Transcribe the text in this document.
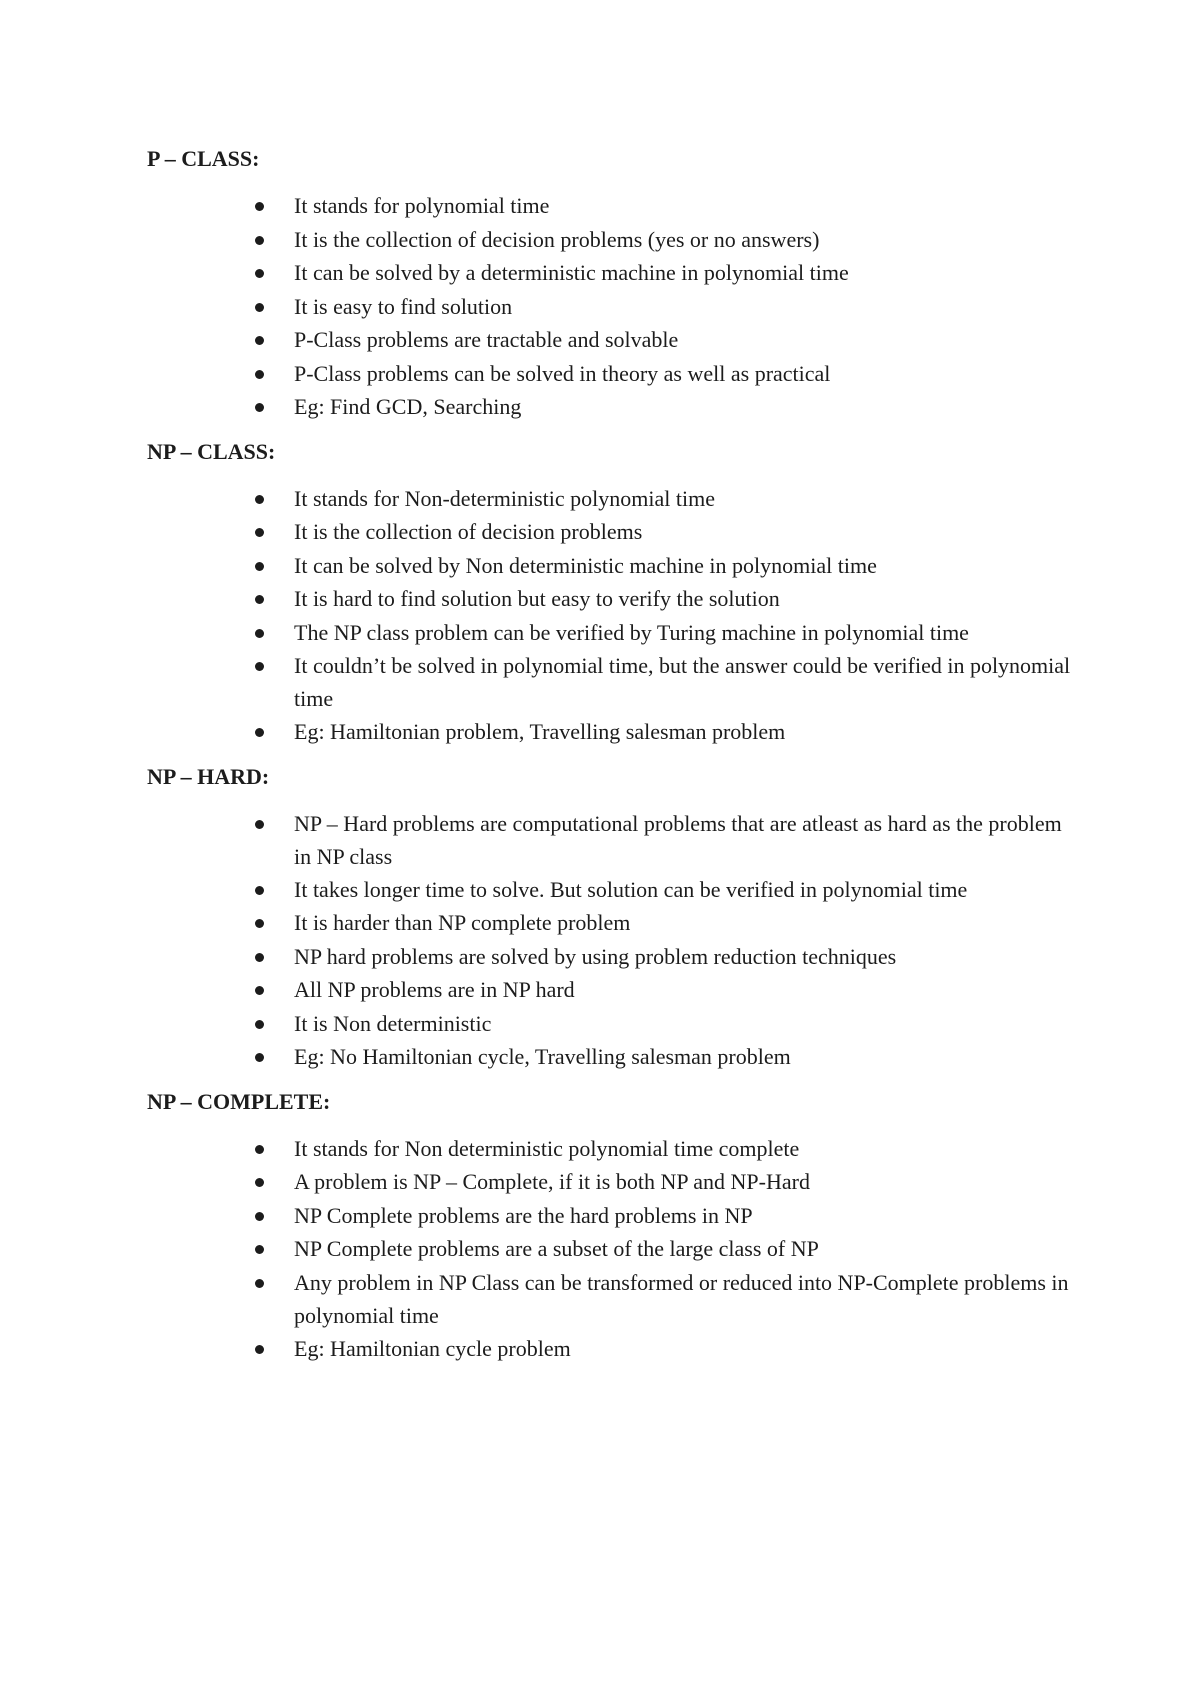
P – CLASS:
It stands for polynomial time
It is the collection of decision problems (yes or no answers)
It can be solved by a deterministic machine in polynomial time
It is easy to find solution
P-Class problems are tractable and solvable
P-Class problems can be solved in theory as well as practical
Eg: Find GCD, Searching
NP – CLASS:
It stands for Non-deterministic polynomial time
It is the collection of decision problems
It can be solved by Non deterministic machine in polynomial time
It is hard to find solution but easy to verify the solution
The NP class problem can be verified by Turing machine in polynomial time
It couldn’t be solved in polynomial time, but the answer could be verified in polynomial time
Eg: Hamiltonian problem, Travelling salesman problem
NP – HARD:
NP – Hard problems are computational problems that are atleast as hard as the problem in NP class
It takes longer time to solve. But solution can be verified in polynomial time
It is harder than NP complete problem
NP hard problems are solved by using problem reduction techniques
All NP problems are in NP hard
It is Non deterministic
Eg: No Hamiltonian cycle, Travelling salesman problem
NP – COMPLETE:
It stands for Non deterministic polynomial time complete
A problem is NP – Complete, if it is both NP and NP-Hard
NP Complete problems are the hard problems in NP
NP Complete problems are a subset of the large class of NP
Any problem in NP Class can be transformed or reduced into NP-Complete problems in polynomial time
Eg: Hamiltonian cycle problem
